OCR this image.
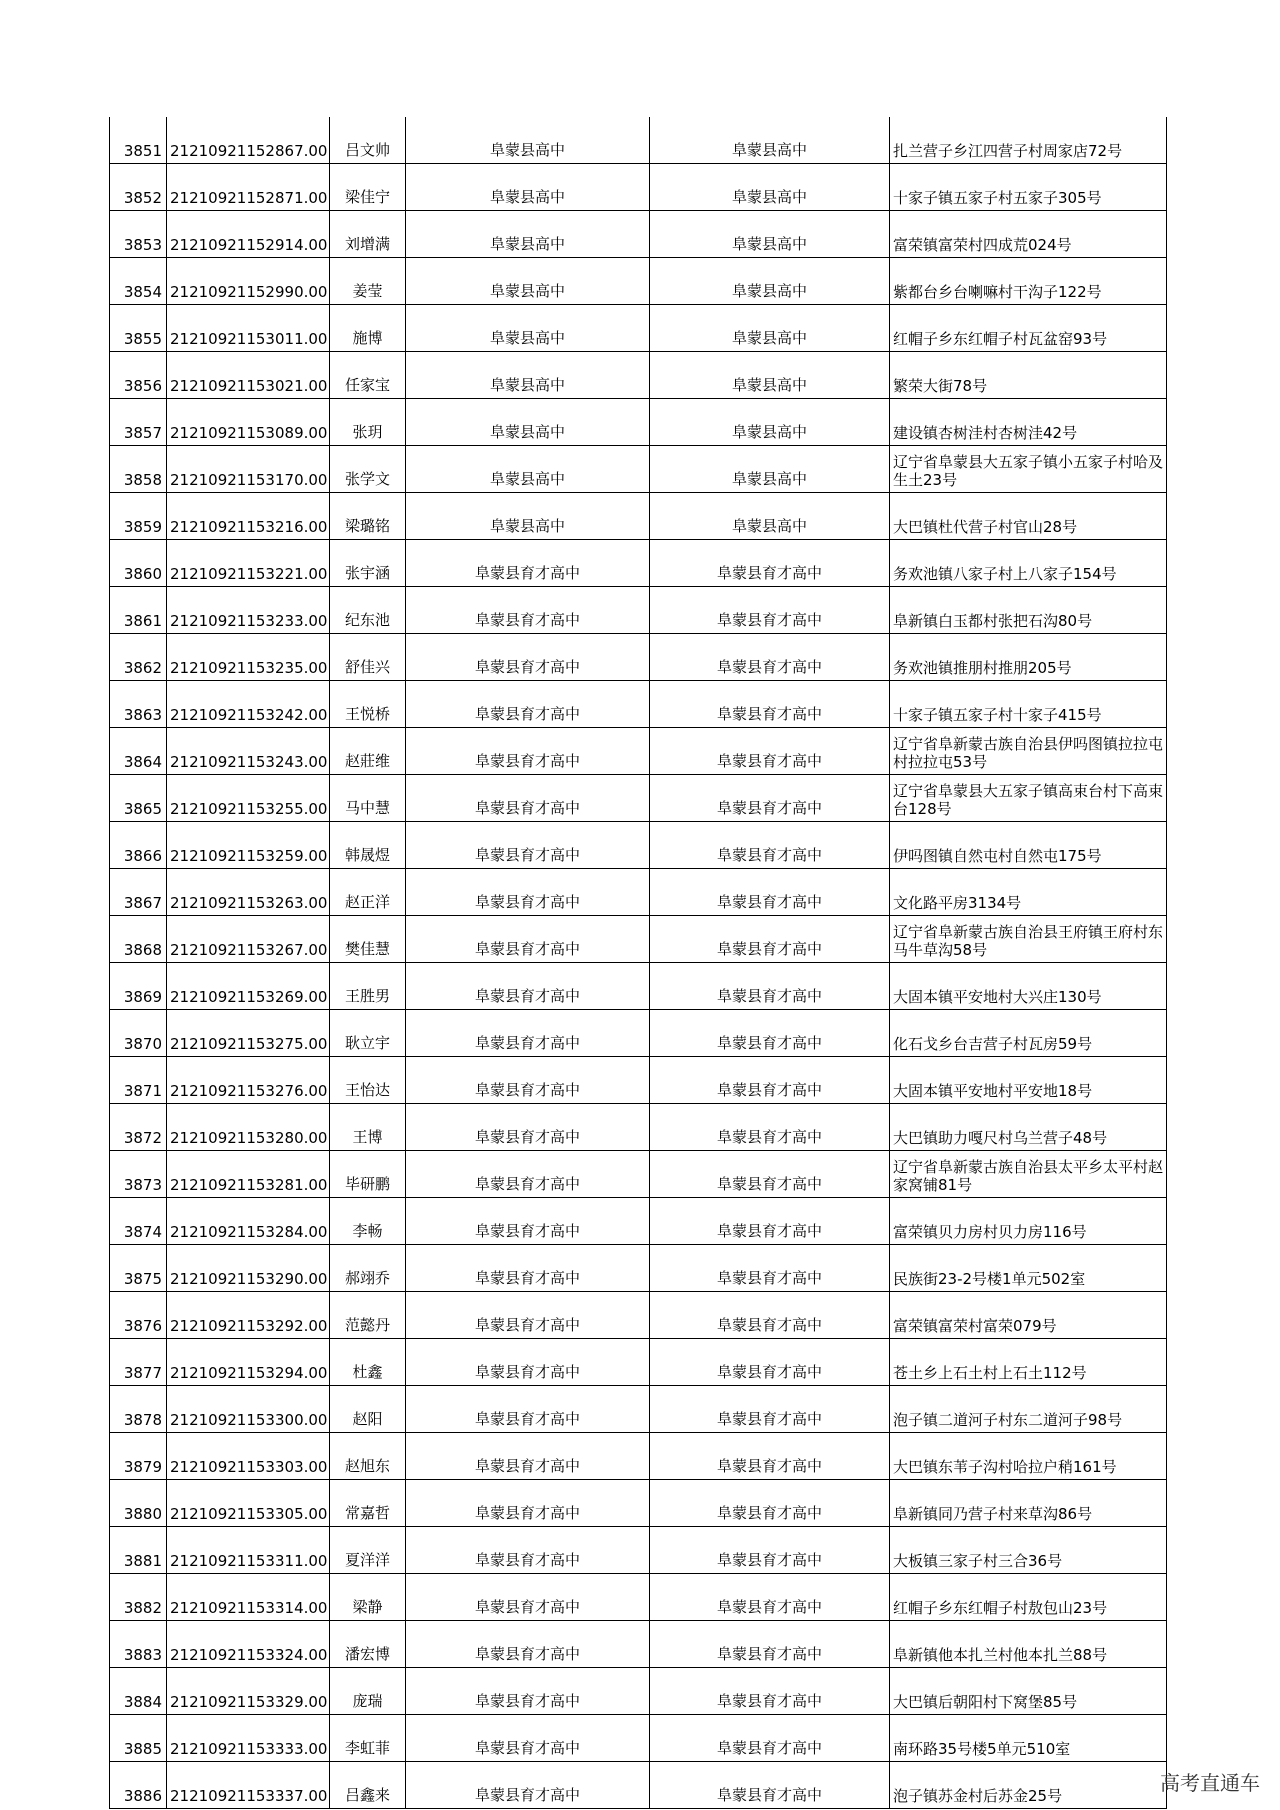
3851	21210921152867.00	吕文帅	阜蒙县高中	阜蒙县高中	扎兰营子乡江四营子村周家店72号
3852	21210921152871.00	梁佳宁	阜蒙县高中	阜蒙县高中	十家子镇五家子村五家子305号
3853	21210921152914.00	刘增满	阜蒙县高中	阜蒙县高中	富荣镇富荣村四成荒024号
3854	21210921152990.00	姜莹	阜蒙县高中	阜蒙县高中	紫都台乡台喇嘛村干沟子122号
3855	21210921153011.00	施博	阜蒙县高中	阜蒙县高中	红帽子乡东红帽子村瓦盆窑93号
3856	21210921153021.00	任家宝	阜蒙县高中	阜蒙县高中	繁荣大街78号
3857	21210921153089.00	张玥	阜蒙县高中	阜蒙县高中	建设镇杏树洼村杏树洼42号
3858	21210921153170.00	张学文	阜蒙县高中	阜蒙县高中	辽宁省阜蒙县大五家子镇小五家子村哈及生土23号
3859	21210921153216.00	梁璐铭	阜蒙县高中	阜蒙县高中	大巴镇杜代营子村官山28号
3860	21210921153221.00	张宇涵	阜蒙县育才高中	阜蒙县育才高中	务欢池镇八家子村上八家子154号
3861	21210921153233.00	纪东池	阜蒙县育才高中	阜蒙县育才高中	阜新镇白玉都村张把石沟80号
3862	21210921153235.00	舒佳兴	阜蒙县育才高中	阜蒙县育才高中	务欢池镇推朋村推朋205号
3863	21210921153242.00	王悦桥	阜蒙县育才高中	阜蒙县育才高中	十家子镇五家子村十家子415号
3864	21210921153243.00	赵莊维	阜蒙县育才高中	阜蒙县育才高中	辽宁省阜新蒙古族自治县伊吗图镇拉拉屯村拉拉屯53号
3865	21210921153255.00	马中慧	阜蒙县育才高中	阜蒙县育才高中	辽宁省阜蒙县大五家子镇高束台村下高束台128号
3866	21210921153259.00	韩晟煜	阜蒙县育才高中	阜蒙县育才高中	伊吗图镇自然屯村自然屯175号
3867	21210921153263.00	赵正洋	阜蒙县育才高中	阜蒙县育才高中	文化路平房3134号
3868	21210921153267.00	樊佳慧	阜蒙县育才高中	阜蒙县育才高中	辽宁省阜新蒙古族自治县王府镇王府村东马牛草沟58号
3869	21210921153269.00	王胜男	阜蒙县育才高中	阜蒙县育才高中	大固本镇平安地村大兴庄130号
3870	21210921153275.00	耿立宇	阜蒙县育才高中	阜蒙县育才高中	化石戈乡台吉营子村瓦房59号
3871	21210921153276.00	王怡达	阜蒙县育才高中	阜蒙县育才高中	大固本镇平安地村平安地18号
3872	21210921153280.00	王博	阜蒙县育才高中	阜蒙县育才高中	大巴镇助力嘎尺村乌兰营子48号
3873	21210921153281.00	毕研鹏	阜蒙县育才高中	阜蒙县育才高中	辽宁省阜新蒙古族自治县太平乡太平村赵家窝铺81号
3874	21210921153284.00	李畅	阜蒙县育才高中	阜蒙县育才高中	富荣镇贝力房村贝力房116号
3875	21210921153290.00	郝翊乔	阜蒙县育才高中	阜蒙县育才高中	民族街23-2号楼1单元502室
3876	21210921153292.00	范懿丹	阜蒙县育才高中	阜蒙县育才高中	富荣镇富荣村富荣079号
3877	21210921153294.00	杜鑫	阜蒙县育才高中	阜蒙县育才高中	苍土乡上石土村上石土112号
3878	21210921153300.00	赵阳	阜蒙县育才高中	阜蒙县育才高中	泡子镇二道河子村东二道河子98号
3879	21210921153303.00	赵旭东	阜蒙县育才高中	阜蒙县育才高中	大巴镇东苇子沟村哈拉户稍161号
3880	21210921153305.00	常嘉哲	阜蒙县育才高中	阜蒙县育才高中	阜新镇同乃营子村来草沟86号
3881	21210921153311.00	夏洋洋	阜蒙县育才高中	阜蒙县育才高中	大板镇三家子村三合36号
3882	21210921153314.00	梁静	阜蒙县育才高中	阜蒙县育才高中	红帽子乡东红帽子村敖包山23号
3883	21210921153324.00	潘宏博	阜蒙县育才高中	阜蒙县育才高中	阜新镇他本扎兰村他本扎兰88号
3884	21210921153329.00	庞瑞	阜蒙县育才高中	阜蒙县育才高中	大巴镇后朝阳村下窝堡85号
3885	21210921153333.00	李虹菲	阜蒙县育才高中	阜蒙县育才高中	南环路35号楼5单元510室
3886	21210921153337.00	吕鑫来	阜蒙县育才高中	阜蒙县育才高中	泡子镇苏金村后苏金25号
高考直通车
